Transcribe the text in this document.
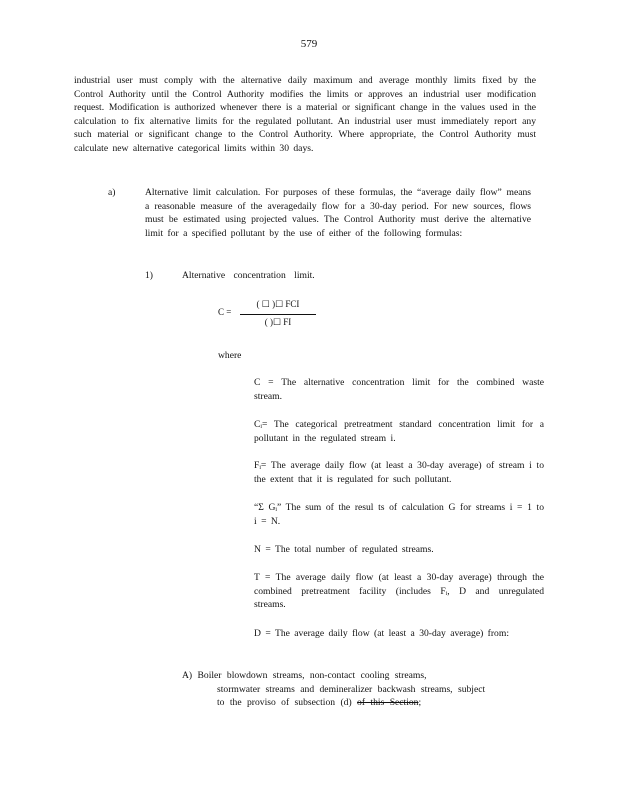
579
industrial user must comply with the alternative daily maximum and average monthly limits fixed by the Control Authority until the Control Authority modifies the limits or approves an industrial user modification request. Modification is authorized whenever there is a material or significant change in the values used in the calculation to fix alternative limits for the regulated pollutant. An industrial user must immediately report any such material or significant change to the Control Authority. Where appropriate, the Control Authority must calculate new alternative categorical limits within 30 days.
a)	Alternative limit calculation. For purposes of these formulas, the “average daily flow” means a reasonable measure of the averagedaily flow for a 30-day period. For new sources, flows must be estimated using projected values. The Control Authority must derive the alternative limit for a specified pollutant by the use of either of the following formulas:
1)	Alternative concentration limit.
C =
( ☐ )☐ FCΙ
( )☐ FΙ
where
C = The alternative concentration limit for the combined waste stream.
Cᵢ= The categorical pretreatment standard concentration limit for a pollutant in the regulated stream i.
Fᵢ= The average daily flow (at least a 30-day average) of stream i to the extent that it is regulated for such pollutant.
“Σ Gᵢ” The sum of the resul ts of calculation G for streams i = 1 to i = N.
N = The total number of regulated streams.
T = The average daily flow (at least a 30-day average) through the combined pretreatment facility (includes Fᵢ, D and unregulated streams.
D = The average daily flow (at least a 30-day average) from:
A) Boiler blowdown streams, non-contact cooling streams,
stormwater streams and demineralizer backwash streams, subject
to the proviso of subsection (d) of this Section;
